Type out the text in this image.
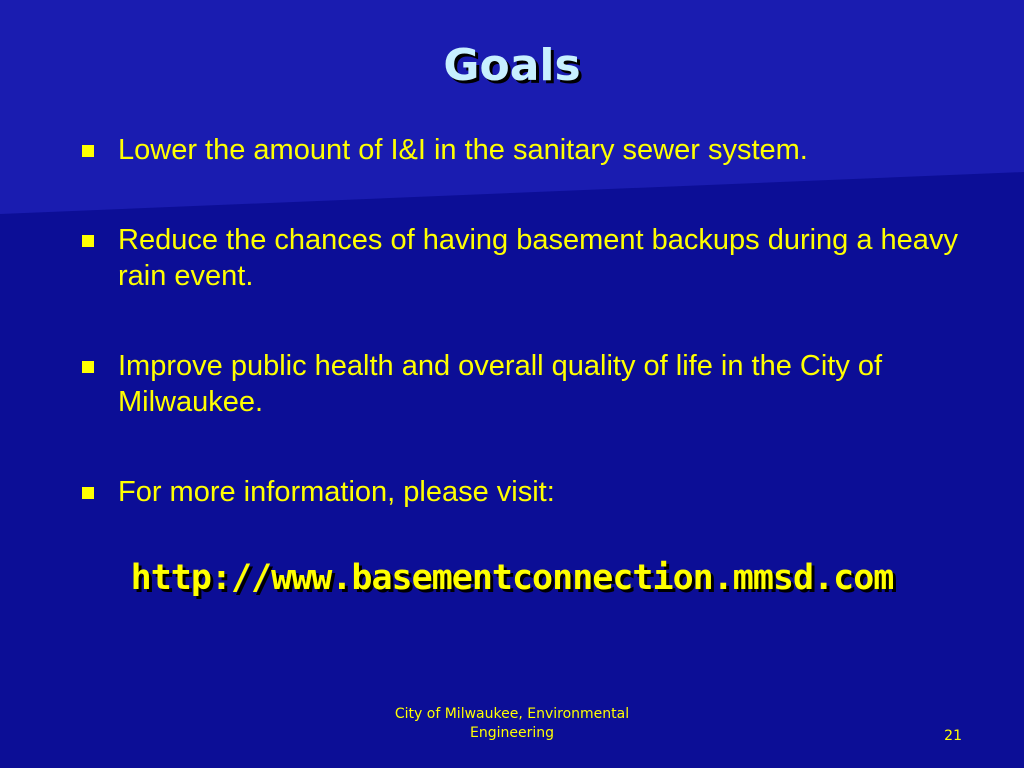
Goals
Lower the amount of I&I in the sanitary sewer system.
Reduce the chances of having basement backups during a heavy rain event.
Improve public health and overall quality of life in the City of Milwaukee.
For more information, please visit:
http://www.basementconnection.mmsd.com
City of Milwaukee, Environmental
Engineering	21
